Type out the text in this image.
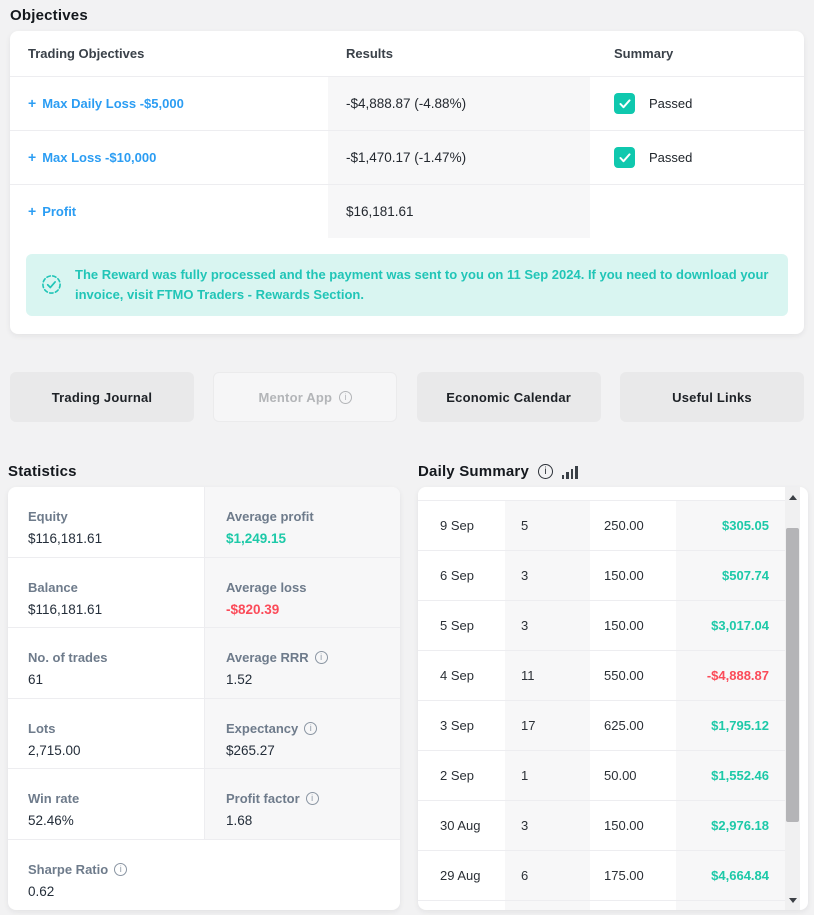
Objectives
Trading Objectives	Results	Summary
+ Max Daily Loss -$5,000	-$4,888.87 (-4.88%)	Passed
+ Max Loss -$10,000	-$1,470.17 (-1.47%)	Passed
+ Profit	$16,181.61

The Reward was fully processed and the payment was sent to you on 11 Sep 2024. If you need to download your invoice, visit FTMO Traders - Rewards Section.

Trading Journal	Mentor App i	Economic Calendar	Useful Links
Statistics
Equity
$116,181.61
Average profit
$1,249.15
Balance
$116,181.61
Average loss
-$820.39
No. of trades
61
Average RRR
i
1.52
Lots
2,715.00
Expectancy
i
$265.27
Win rate
52.46%
Profit factor
i
1.68
Sharpe Ratio
i
0.62
Daily Summary
i
9 Sep	5	250.00	$305.05
6 Sep	3	150.00	$507.74
5 Sep	3	150.00	$3,017.04
4 Sep	11	550.00	-$4,888.87
3 Sep	17	625.00	$1,795.12
2 Sep	1	50.00	$1,552.46
30 Aug	3	150.00	$2,976.18
29 Aug	6	175.00	$4,664.84
